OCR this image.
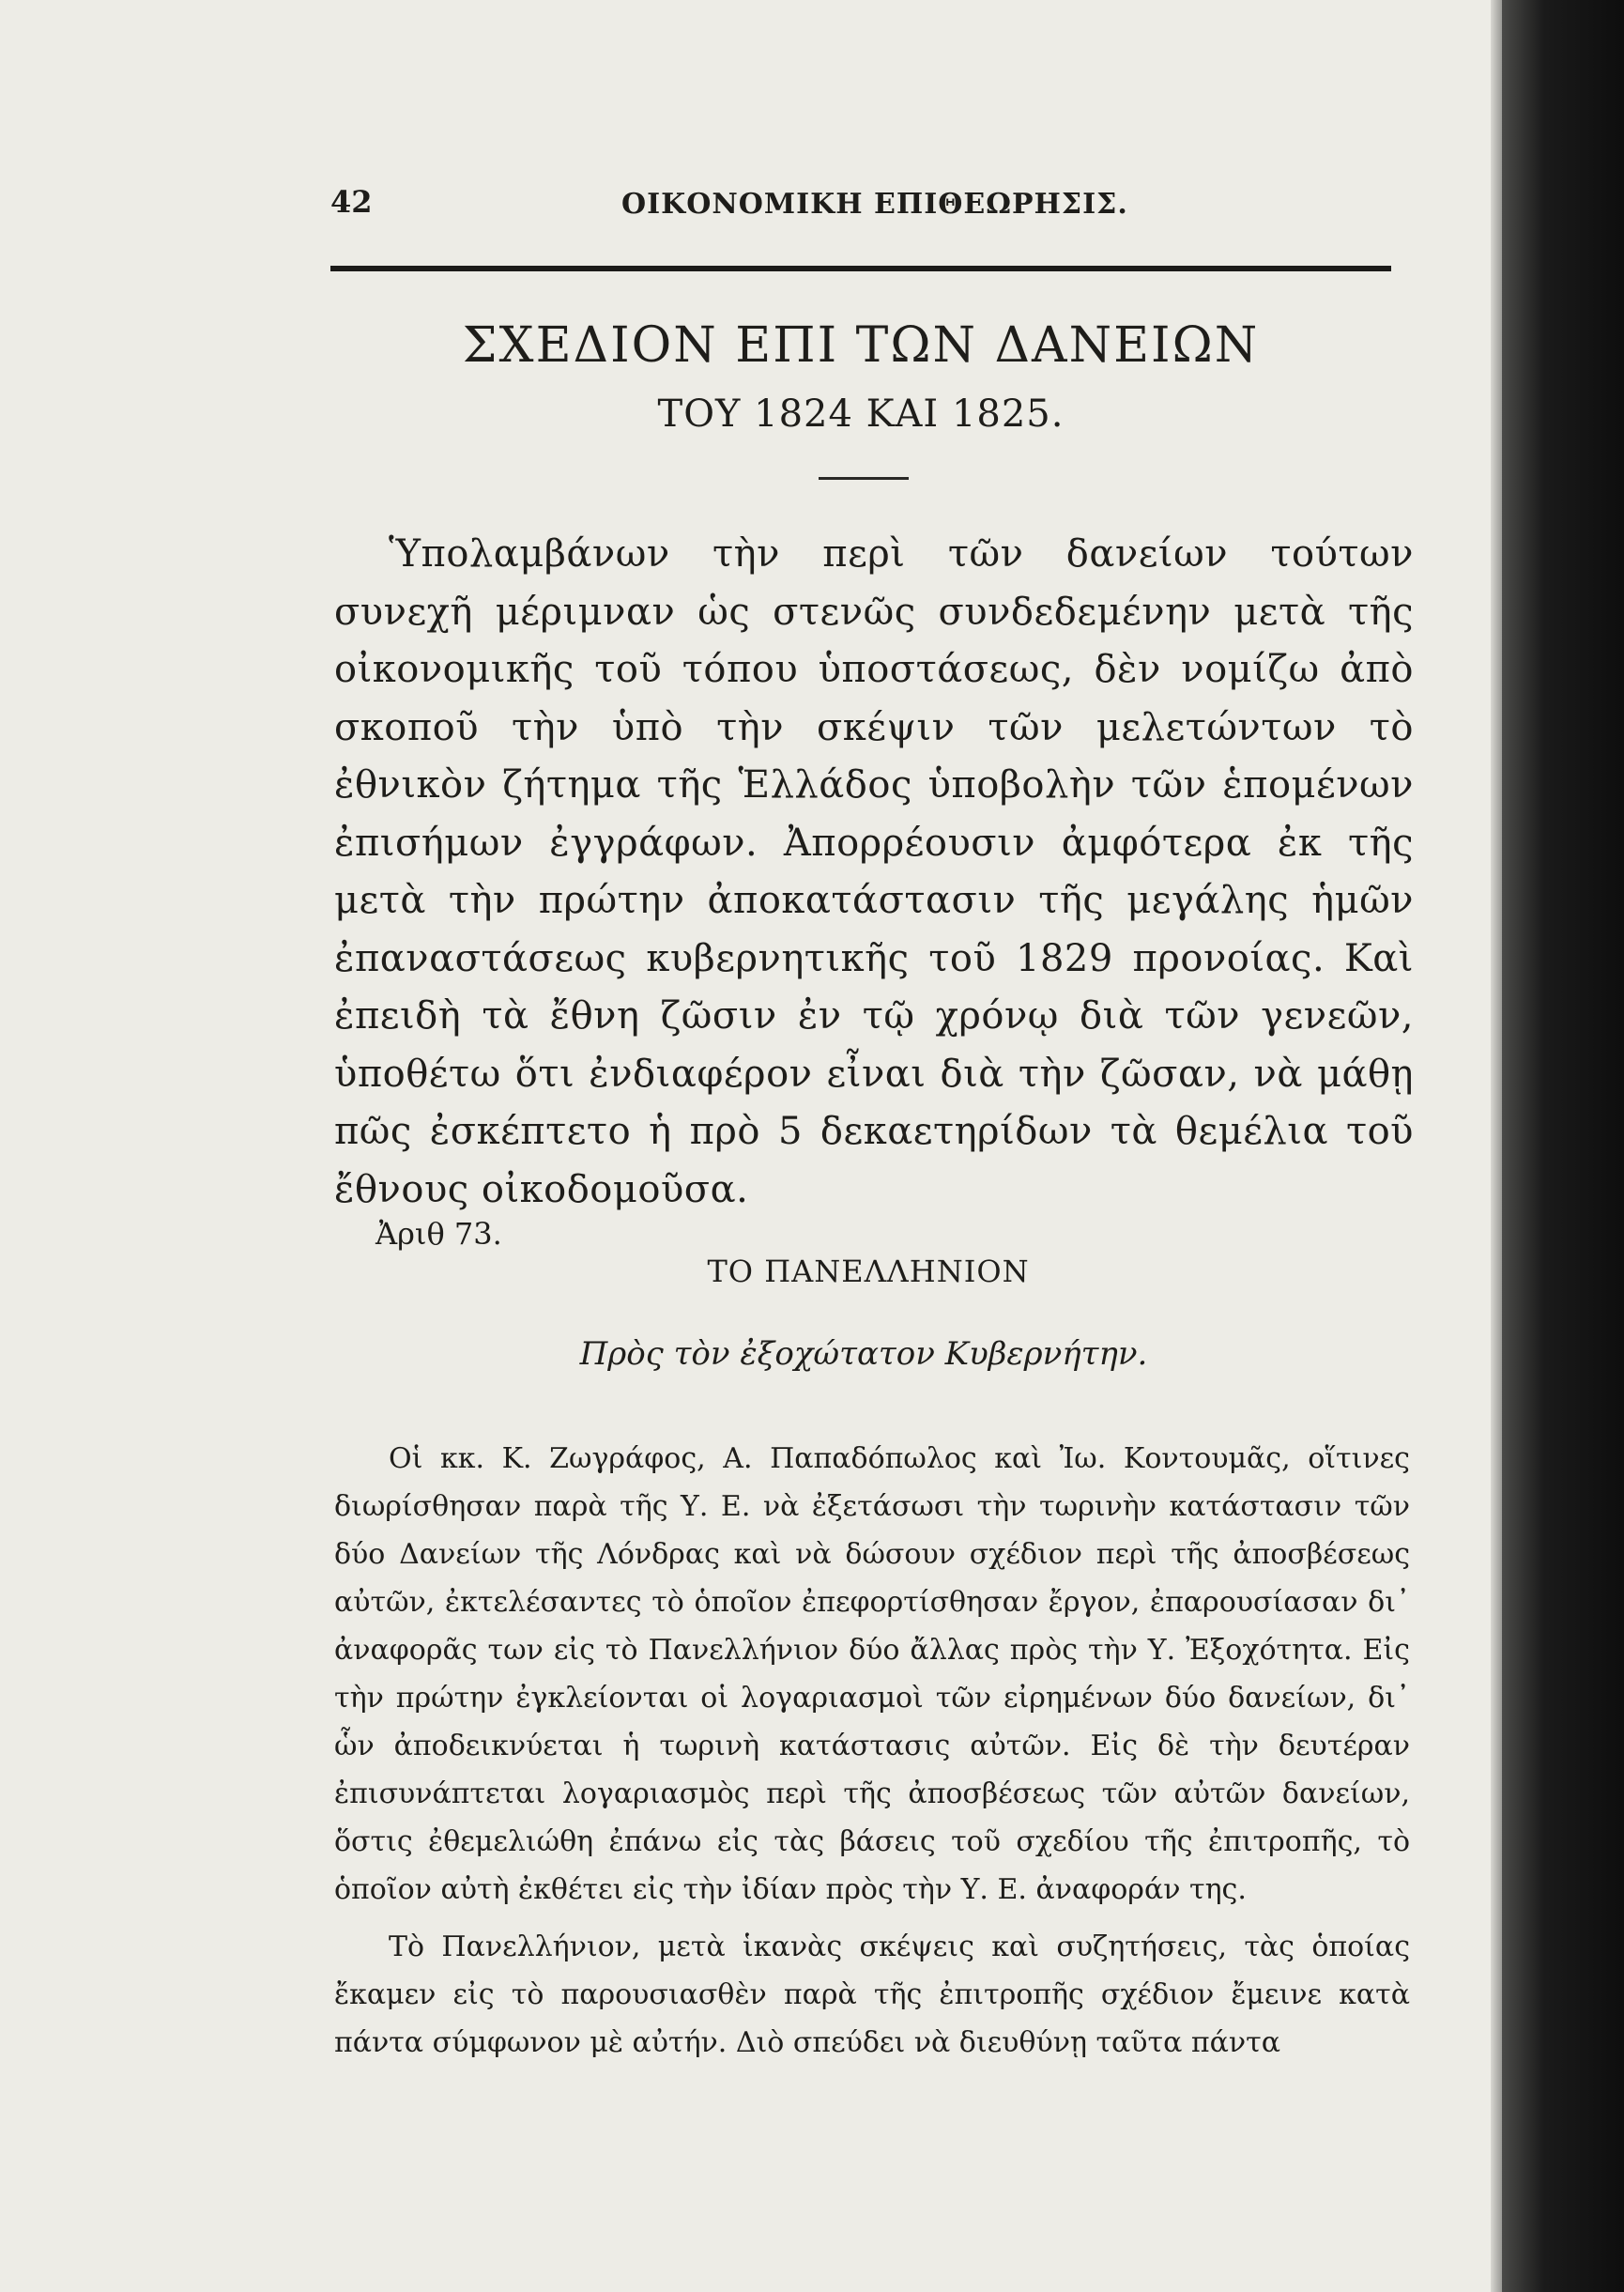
42	ΟΙΚΟΝΟΜΙΚΗ ΕΠΙΘΕΩΡΗΣΙΣ.
ΣΧΕΔΙΟΝ ΕΠΙ ΤΩΝ ΔΑΝΕΙΩΝ
ΤΟΥ 1824 ΚΑΙ 1825.
Ὑπολαμβάνων τὴν περὶ τῶν δανείων τούτων συνεχῆ μέριμναν ὡς στενῶς συνδεδεμένην μετὰ τῆς οἰκονομικῆς τοῦ τόπου ὑποστάσεως, δὲν νομίζω ἀπὸ σκοποῦ τὴν ὑπὸ τὴν σκέψιν τῶν μελετώντων τὸ ἐθνικὸν ζήτημα τῆς Ἑλλάδος ὑποβολὴν τῶν ἑπομένων ἐπισήμων ἐγγράφων. Ἀπορρέουσιν ἀμφότερα ἐκ τῆς μετὰ τὴν πρώτην ἀποκατάστασιν τῆς μεγάλης ἡμῶν ἐπαναστάσεως κυβερνητικῆς τοῦ 1829 προνοίας. Καὶ ἐπειδὴ τὰ ἔθνη ζῶσιν ἐν τῷ χρόνῳ διὰ τῶν γενεῶν, ὑποθέτω ὅτι ἐνδιαφέρον εἶναι διὰ τὴν ζῶσαν, νὰ μάθῃ πῶς ἐσκέπτετο ἡ πρὸ 5 δεκαετηρίδων τὰ θεμέλια τοῦ ἔθνους οἰκοδομοῦσα.
Ἀριθ 73.
ΤΟ ΠΑΝΕΛΛΗΝΙΟΝ
Πρὸς τὸν ἐξοχώτατον Κυβερνήτην.

Οἱ κκ. Κ. Ζωγράφος, Α. Παπαδόπωλος καὶ Ἰω. Κοντουμᾶς, οἵτινες διωρίσθησαν παρὰ τῆς Υ. Ε. νὰ ἐξετάσωσι τὴν τωρινὴν κατάστασιν τῶν δύο Δανείων τῆς Λόνδρας καὶ νὰ δώσουν σχέδιον περὶ τῆς ἀποσβέσεως αὐτῶν, ἐκτελέσαντες τὸ ὁποῖον ἐπεφορτίσθησαν ἔργον, ἐπαρουσίασαν δι᾽ ἀναφορᾶς των εἰς τὸ Πανελλήνιον δύο ἄλλας πρὸς τὴν Υ. Ἐξοχότητα. Εἰς τὴν πρώτην ἐγκλείονται οἱ λογαριασμοὶ τῶν εἰρημένων δύο δανείων, δι᾽ ὧν ἀποδεικνύεται ἡ τωρινὴ κατάστασις αὐτῶν. Εἰς δὲ τὴν δευτέραν ἐπισυνάπτεται λογαριασμὸς περὶ τῆς ἀποσβέσεως τῶν αὐτῶν δανείων, ὅστις ἐθεμελιώθη ἐπάνω εἰς τὰς βάσεις τοῦ σχεδίου τῆς ἐπιτροπῆς, τὸ ὁποῖον αὐτὴ ἐκθέτει εἰς τὴν ἰδίαν πρὸς τὴν Υ. Ε. ἀναφοράν της.

Τὸ Πανελλήνιον, μετὰ ἱκανὰς σκέψεις καὶ συζητήσεις, τὰς ὁποίας ἔκαμεν εἰς τὸ παρουσιασθὲν παρὰ τῆς ἐπιτροπῆς σχέδιον ἔμεινε κατὰ πάντα σύμφωνον μὲ αὐτήν. Διὸ σπεύδει νὰ διευθύνῃ ταῦτα πάντα
